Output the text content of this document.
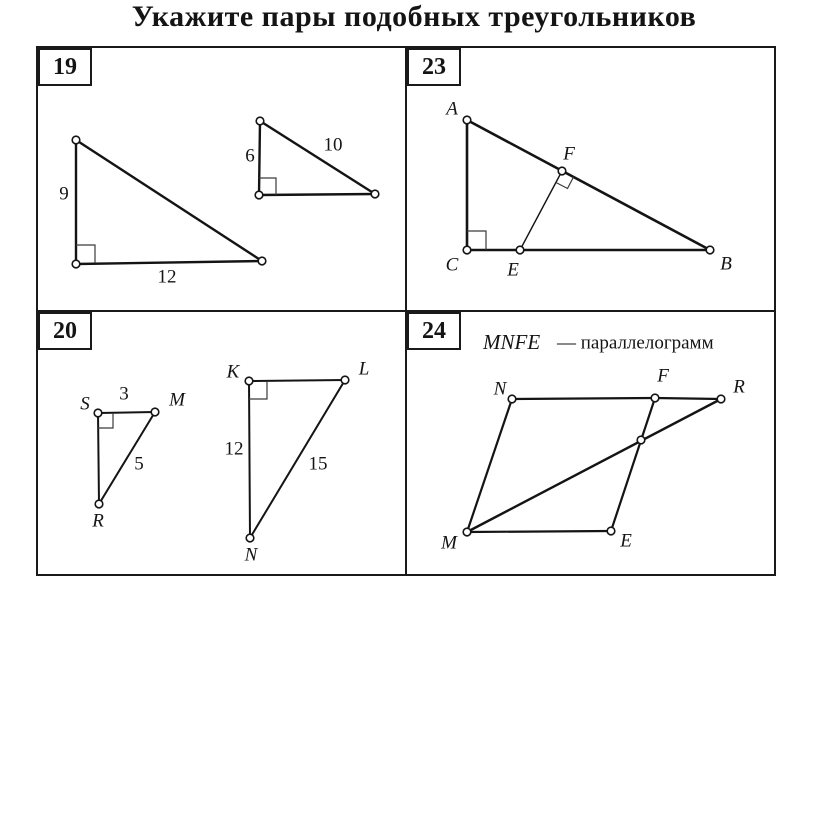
Укажите пары подобных треугольников
19
9
12
6
10
23
A
F
C	E	B
20
S 3 M
5
R
K	L
12
15
N
24 MNFE — параллелограмм
N
F
R
M	E
